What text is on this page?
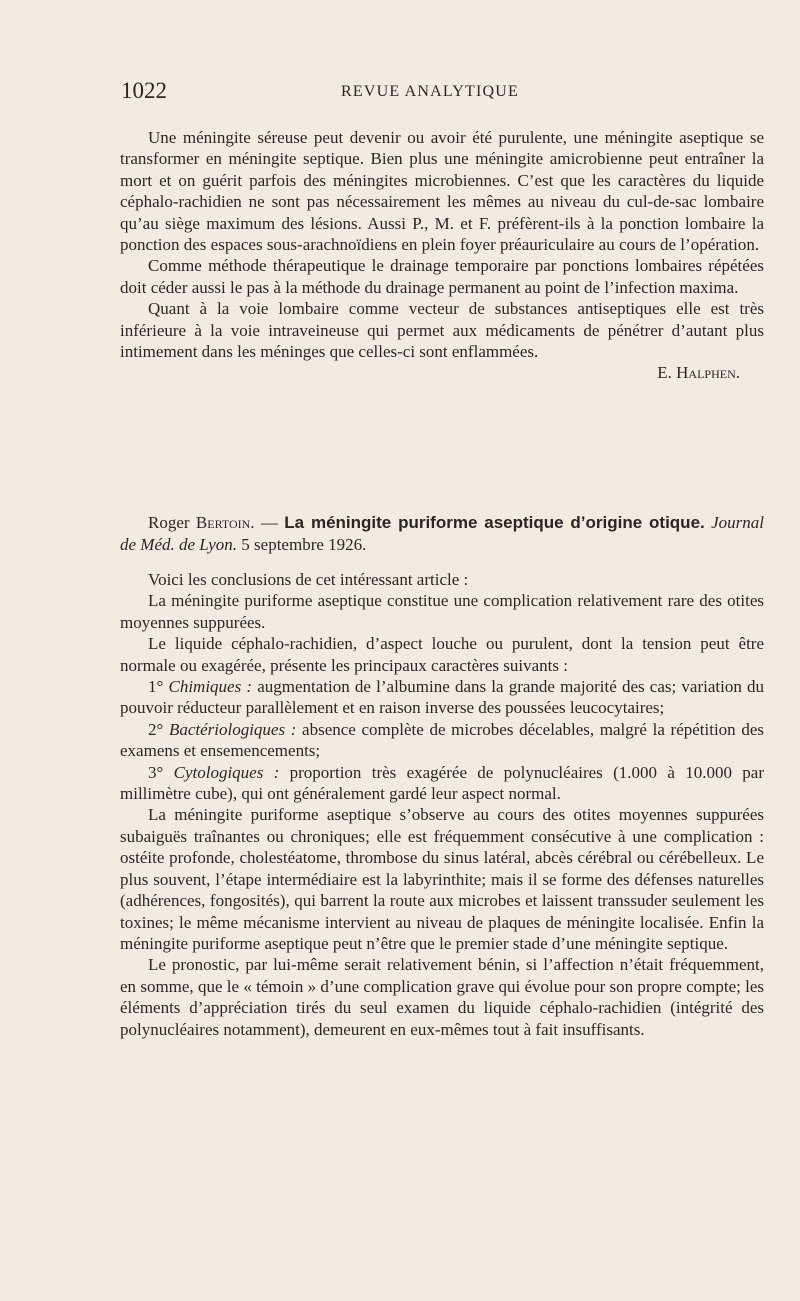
1022	REVUE ANALYTIQUE

Une méningite séreuse peut devenir ou avoir été purulente, une méningite aseptique se transformer en méningite septique. Bien plus une méningite amicrobienne peut entraîner la mort et on guérit parfois des méningites microbiennes. C’est que les caractères du liquide céphalo-rachidien ne sont pas nécessairement les mêmes au niveau du cul-de-sac lombaire qu’au siège maximum des lésions. Aussi P., M. et F. préfèrent-ils à la ponction lombaire la ponction des espaces sous-arachnoïdiens en plein foyer préauriculaire au cours de l’opération.

Comme méthode thérapeutique le drainage temporaire par ponctions lombaires répétées doit céder aussi le pas à la méthode du drainage permanent au point de l’infection maxima.

Quant à la voie lombaire comme vecteur de substances antiseptiques elle est très inférieure à la voie intraveineuse qui permet aux médicaments de pénétrer d’autant plus intimement dans les méninges que celles-ci sont enflammées.

E. Halphen.

Roger Bertoin. — La méningite puriforme aseptique d’origine otique. Journal de Méd. de Lyon. 5 septembre 1926.

Voici les conclusions de cet intéressant article :

La méningite puriforme aseptique constitue une complication relativement rare des otites moyennes suppurées.

Le liquide céphalo-rachidien, d’aspect louche ou purulent, dont la tension peut être normale ou exagérée, présente les principaux caractères suivants :

1° Chimiques : augmentation de l’albumine dans la grande majorité des cas; variation du pouvoir réducteur parallèlement et en raison inverse des poussées leucocytaires;

2° Bactériologiques : absence complète de microbes décelables, malgré la répétition des examens et ensemencements;

3° Cytologiques : proportion très exagérée de polynucléaires (1.000 à 10.000 par millimètre cube), qui ont généralement gardé leur aspect normal.

La méningite puriforme aseptique s’observe au cours des otites moyennes suppurées subaiguës traînantes ou chroniques; elle est fréquemment consécutive à une complication : ostéite profonde, cholestéatome, thrombose du sinus latéral, abcès cérébral ou cérébelleux. Le plus souvent, l’étape intermédiaire est la labyrinthite; mais il se forme des défenses naturelles (adhérences, fongosités), qui barrent la route aux microbes et laissent transsuder seulement les toxines; le même mécanisme intervient au niveau de plaques de méningite localisée. Enfin la méningite puriforme aseptique peut n’être que le premier stade d’une méningite septique.

Le pronostic, par lui-même serait relativement bénin, si l’affection n’était fréquemment, en somme, que le « témoin » d’une complication grave qui évolue pour son propre compte; les éléments d’appréciation tirés du seul examen du liquide céphalo-rachidien (intégrité des polynucléaires notamment), demeurent en eux-mêmes tout à fait insuffisants.
